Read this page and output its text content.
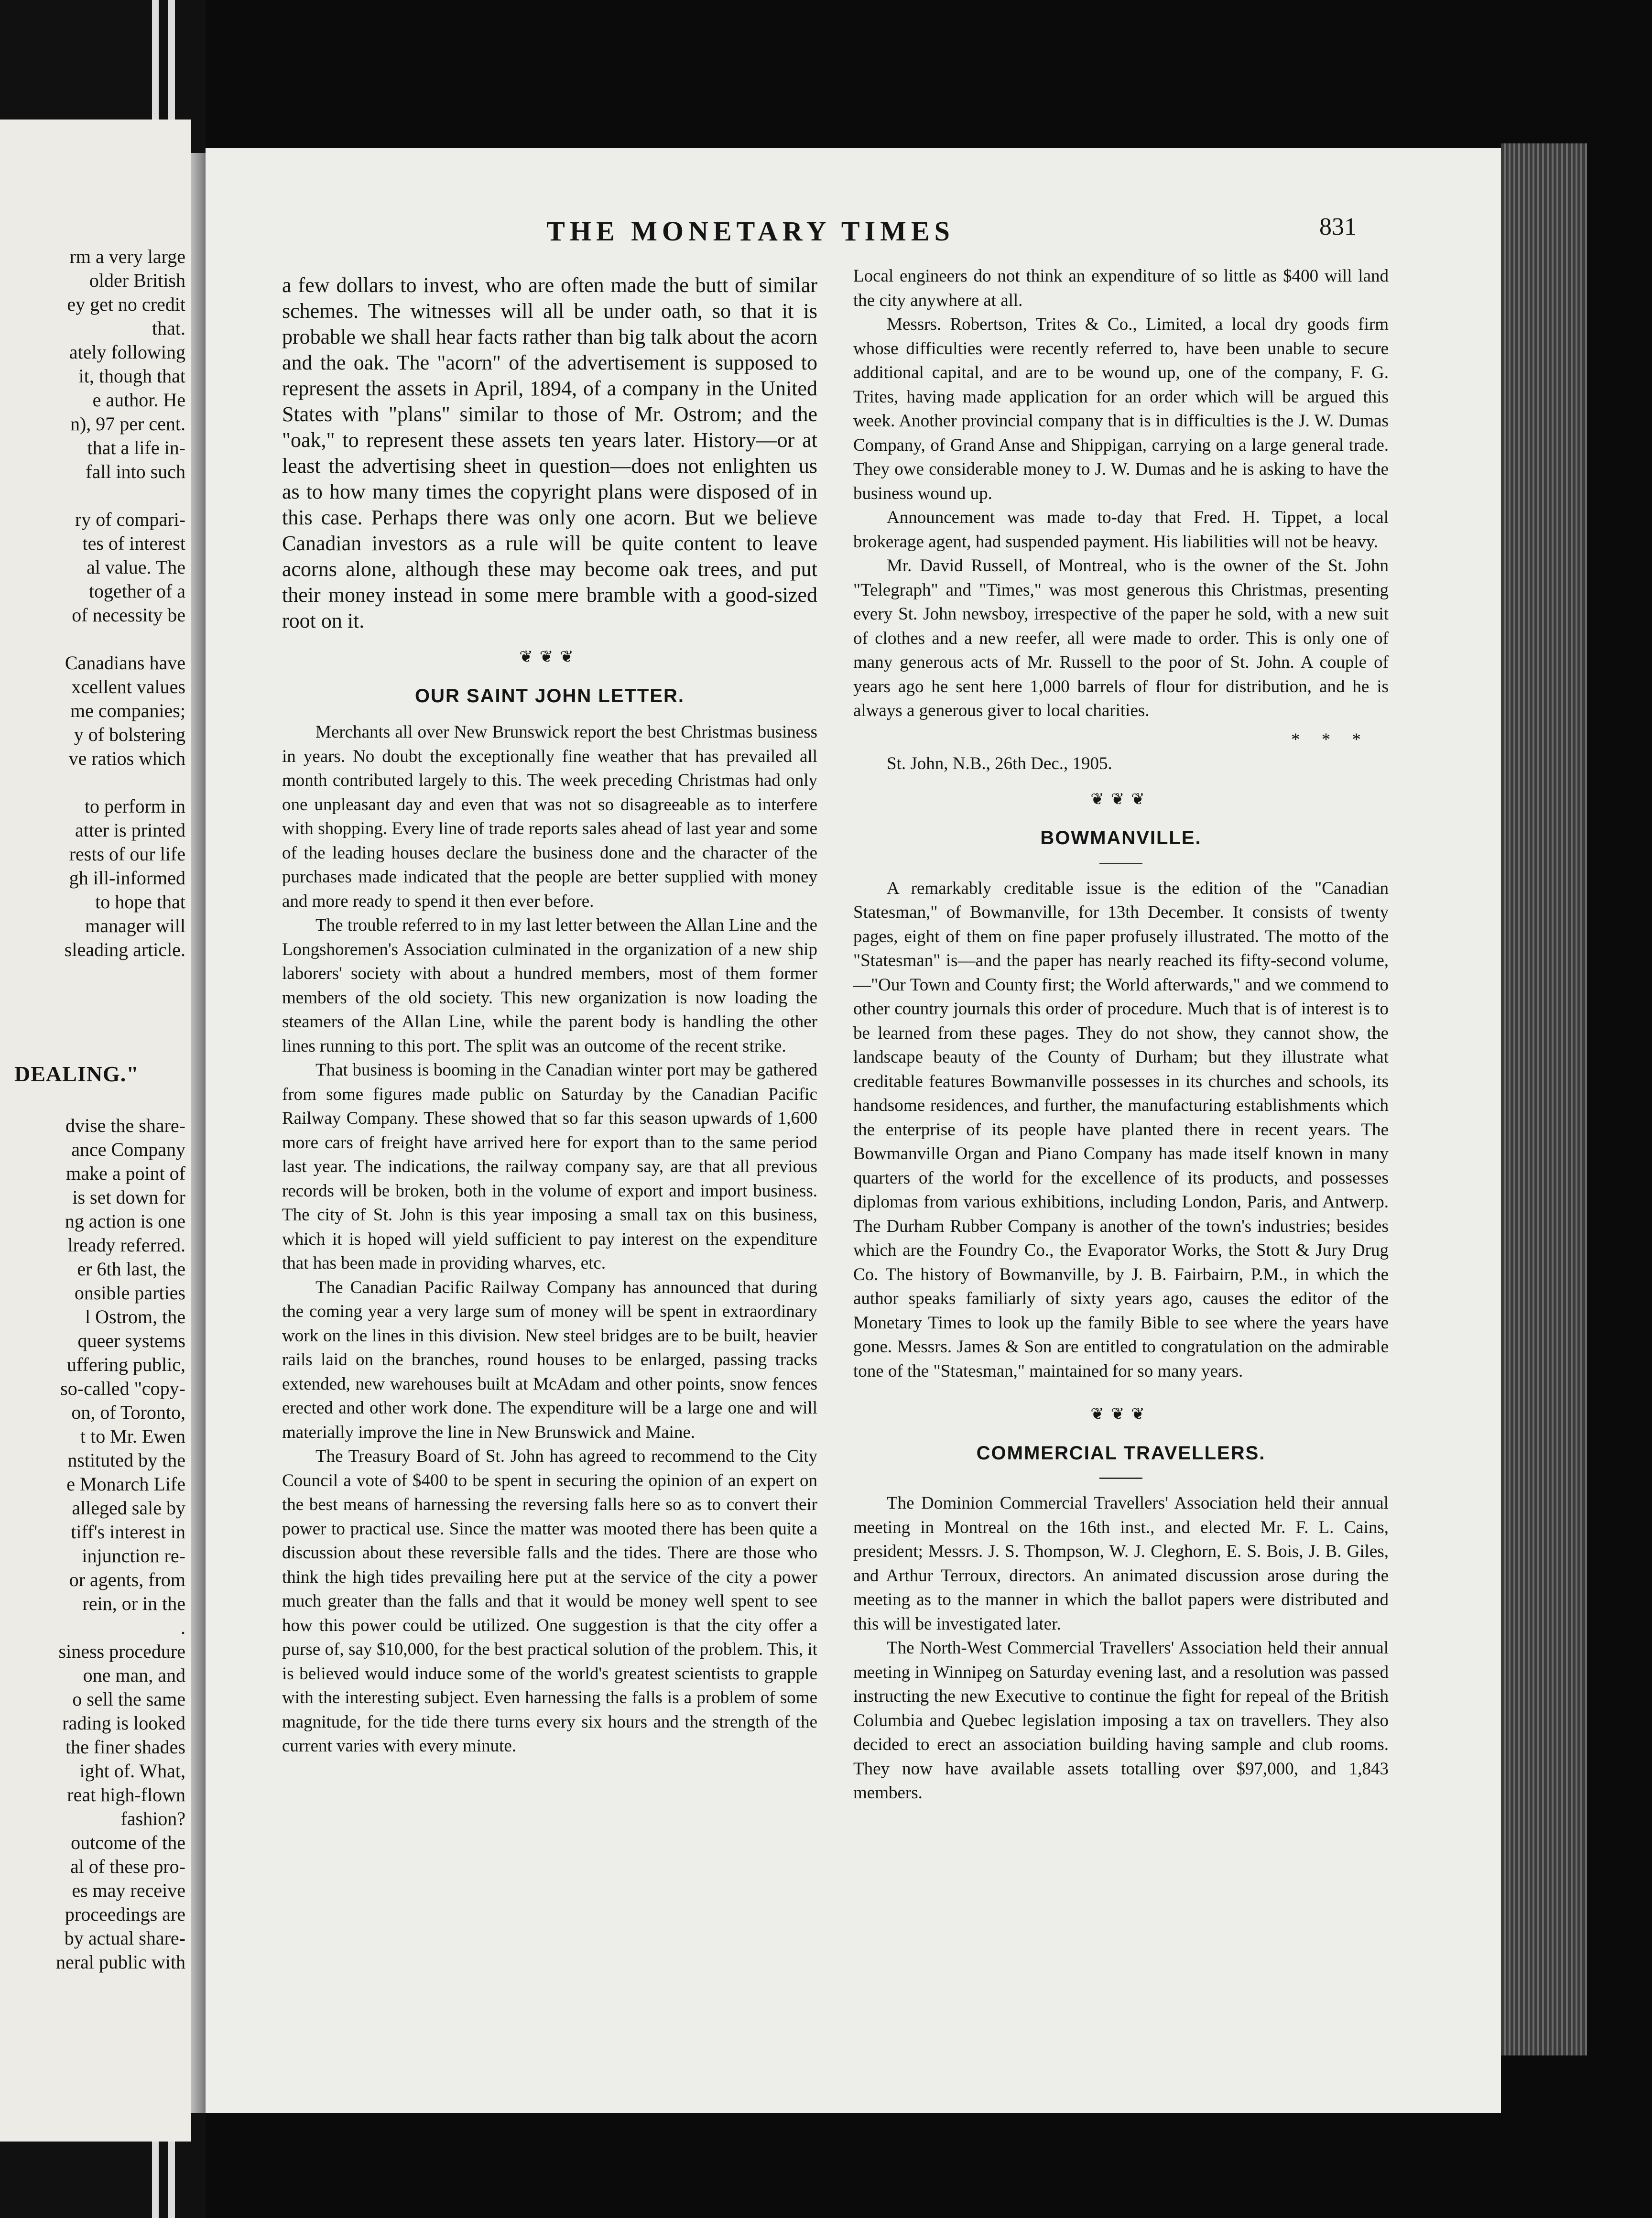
rm a very large
older British
ey get no credit
that.
ately following
it, though that
e author. He
n), 97 per cent.
that a life in-
fall into such

ry of compari-
tes of interest
al value. The
together of a
of necessity be

Canadians have
xcellent values
me companies;
y of bolstering
ve ratios which

to perform in
atter is printed
rests of our life
gh ill-informed
to hope that
manager will
sleading article.
DEALING."
dvise the share-
ance Company
make a point of
is set down for
ng action is one
lready referred.
er 6th last, the
onsible parties
l Ostrom, the
queer systems
uffering public,
so-called "copy-
on, of Toronto,
t to Mr. Ewen
nstituted by the
e Monarch Life
alleged sale by
tiff's interest in
injunction re-
or agents, from
rein, or in the
.
siness procedure
one man, and
o sell the same
rading is looked
the finer shades
ight of. What,
reat high-flown
fashion?
outcome of the
al of these pro-
es may receive
proceedings are
by actual share-
neral public with
THE MONETARY TIMES	831

a few dollars to invest, who are often made the butt of similar schemes. The witnesses will all be under oath, so that it is probable we shall hear facts rather than big talk about the acorn and the oak. The "acorn" of the advertisement is supposed to represent the assets in April, 1894, of a company in the United States with "plans" similar to those of Mr. Ostrom; and the "oak," to represent these assets ten years later. History—or at least the advertising sheet in question—does not enlighten us as to how many times the copyright plans were disposed of in this case. Perhaps there was only one acorn. But we believe Canadian investors as a rule will be quite content to leave acorns alone, although these may become oak trees, and put their money instead in some mere bramble with a good-sized root on it.

❦❦❦
OUR SAINT JOHN LETTER.

Merchants all over New Brunswick report the best Christmas business in years. No doubt the exceptionally fine weather that has prevailed all month contributed largely to this. The week preceding Christmas had only one unpleasant day and even that was not so disagreeable as to interfere with shopping. Every line of trade reports sales ahead of last year and some of the leading houses declare the business done and the character of the purchases made indicated that the people are better supplied with money and more ready to spend it then ever before.

The trouble referred to in my last letter between the Allan Line and the Longshoremen's Association culminated in the organization of a new ship laborers' society with about a hundred members, most of them former members of the old society. This new organization is now loading the steamers of the Allan Line, while the parent body is handling the other lines running to this port. The split was an outcome of the recent strike.

That business is booming in the Canadian winter port may be gathered from some figures made public on Saturday by the Canadian Pacific Railway Company. These showed that so far this season upwards of 1,600 more cars of freight have arrived here for export than to the same period last year. The indications, the railway company say, are that all previous records will be broken, both in the volume of export and import business. The city of St. John is this year imposing a small tax on this business, which it is hoped will yield sufficient to pay interest on the expenditure that has been made in providing wharves, etc.

The Canadian Pacific Railway Company has announced that during the coming year a very large sum of money will be spent in extraordinary work on the lines in this division. New steel bridges are to be built, heavier rails laid on the branches, round houses to be enlarged, passing tracks extended, new warehouses built at McAdam and other points, snow fences erected and other work done. The expenditure will be a large one and will materially improve the line in New Brunswick and Maine.

The Treasury Board of St. John has agreed to recommend to the City Council a vote of $400 to be spent in securing the opinion of an expert on the best means of harnessing the reversing falls here so as to convert their power to practical use. Since the matter was mooted there has been quite a discussion about these reversible falls and the tides. There are those who think the high tides prevailing here put at the service of the city a power much greater than the falls and that it would be money well spent to see how this power could be utilized. One suggestion is that the city offer a purse of, say $10,000, for the best practical solution of the problem. This, it is believed would induce some of the world's greatest scientists to grapple with the interesting subject. Even harnessing the falls is a problem of some magnitude, for the tide there turns every six hours and the strength of the current varies with every minute.

Local engineers do not think an expenditure of so little as $400 will land the city anywhere at all.

Messrs. Robertson, Trites & Co., Limited, a local dry goods firm whose difficulties were recently referred to, have been unable to secure additional capital, and are to be wound up, one of the company, F. G. Trites, having made application for an order which will be argued this week. Another provincial company that is in difficulties is the J. W. Dumas Company, of Grand Anse and Shippigan, carrying on a large general trade. They owe considerable money to J. W. Dumas and he is asking to have the business wound up.

Announcement was made to-day that Fred. H. Tippet, a local brokerage agent, had suspended payment. His liabilities will not be heavy.

Mr. David Russell, of Montreal, who is the owner of the St. John "Telegraph" and "Times," was most generous this Christmas, presenting every St. John newsboy, irrespective of the paper he sold, with a new suit of clothes and a new reefer, all were made to order. This is only one of many generous acts of Mr. Russell to the poor of St. John. A couple of years ago he sent here 1,000 barrels of flour for distribution, and he is always a generous giver to local charities.

* * *

St. John, N.B., 26th Dec., 1905.

❦❦❦
BOWMANVILLE.

A remarkably creditable issue is the edition of the "Canadian Statesman," of Bowmanville, for 13th December. It consists of twenty pages, eight of them on fine paper profusely illustrated. The motto of the "Statesman" is—and the paper has nearly reached its fifty-second volume,—"Our Town and County first; the World afterwards," and we commend to other country journals this order of procedure. Much that is of interest is to be learned from these pages. They do not show, they cannot show, the landscape beauty of the County of Durham; but they illustrate what creditable features Bowmanville possesses in its churches and schools, its handsome residences, and further, the manufacturing establishments which the enterprise of its people have planted there in recent years. The Bowmanville Organ and Piano Company has made itself known in many quarters of the world for the excellence of its products, and possesses diplomas from various exhibitions, including London, Paris, and Antwerp. The Durham Rubber Company is another of the town's industries; besides which are the Foundry Co., the Evaporator Works, the Stott & Jury Drug Co. The history of Bowmanville, by J. B. Fairbairn, P.M., in which the author speaks familiarly of sixty years ago, causes the editor of the Monetary Times to look up the family Bible to see where the years have gone. Messrs. James & Son are entitled to congratulation on the admirable tone of the "Statesman," maintained for so many years.

❦❦❦
COMMERCIAL TRAVELLERS.

The Dominion Commercial Travellers' Association held their annual meeting in Montreal on the 16th inst., and elected Mr. F. L. Cains, president; Messrs. J. S. Thompson, W. J. Cleghorn, E. S. Bois, J. B. Giles, and Arthur Terroux, directors. An animated discussion arose during the meeting as to the manner in which the ballot papers were distributed and this will be investigated later.

The North-West Commercial Travellers' Association held their annual meeting in Winnipeg on Saturday evening last, and a resolution was passed instructing the new Executive to continue the fight for repeal of the British Columbia and Quebec legislation imposing a tax on travellers. They also decided to erect an association building having sample and club rooms. They now have available assets totalling over $97,000, and 1,843 members.
